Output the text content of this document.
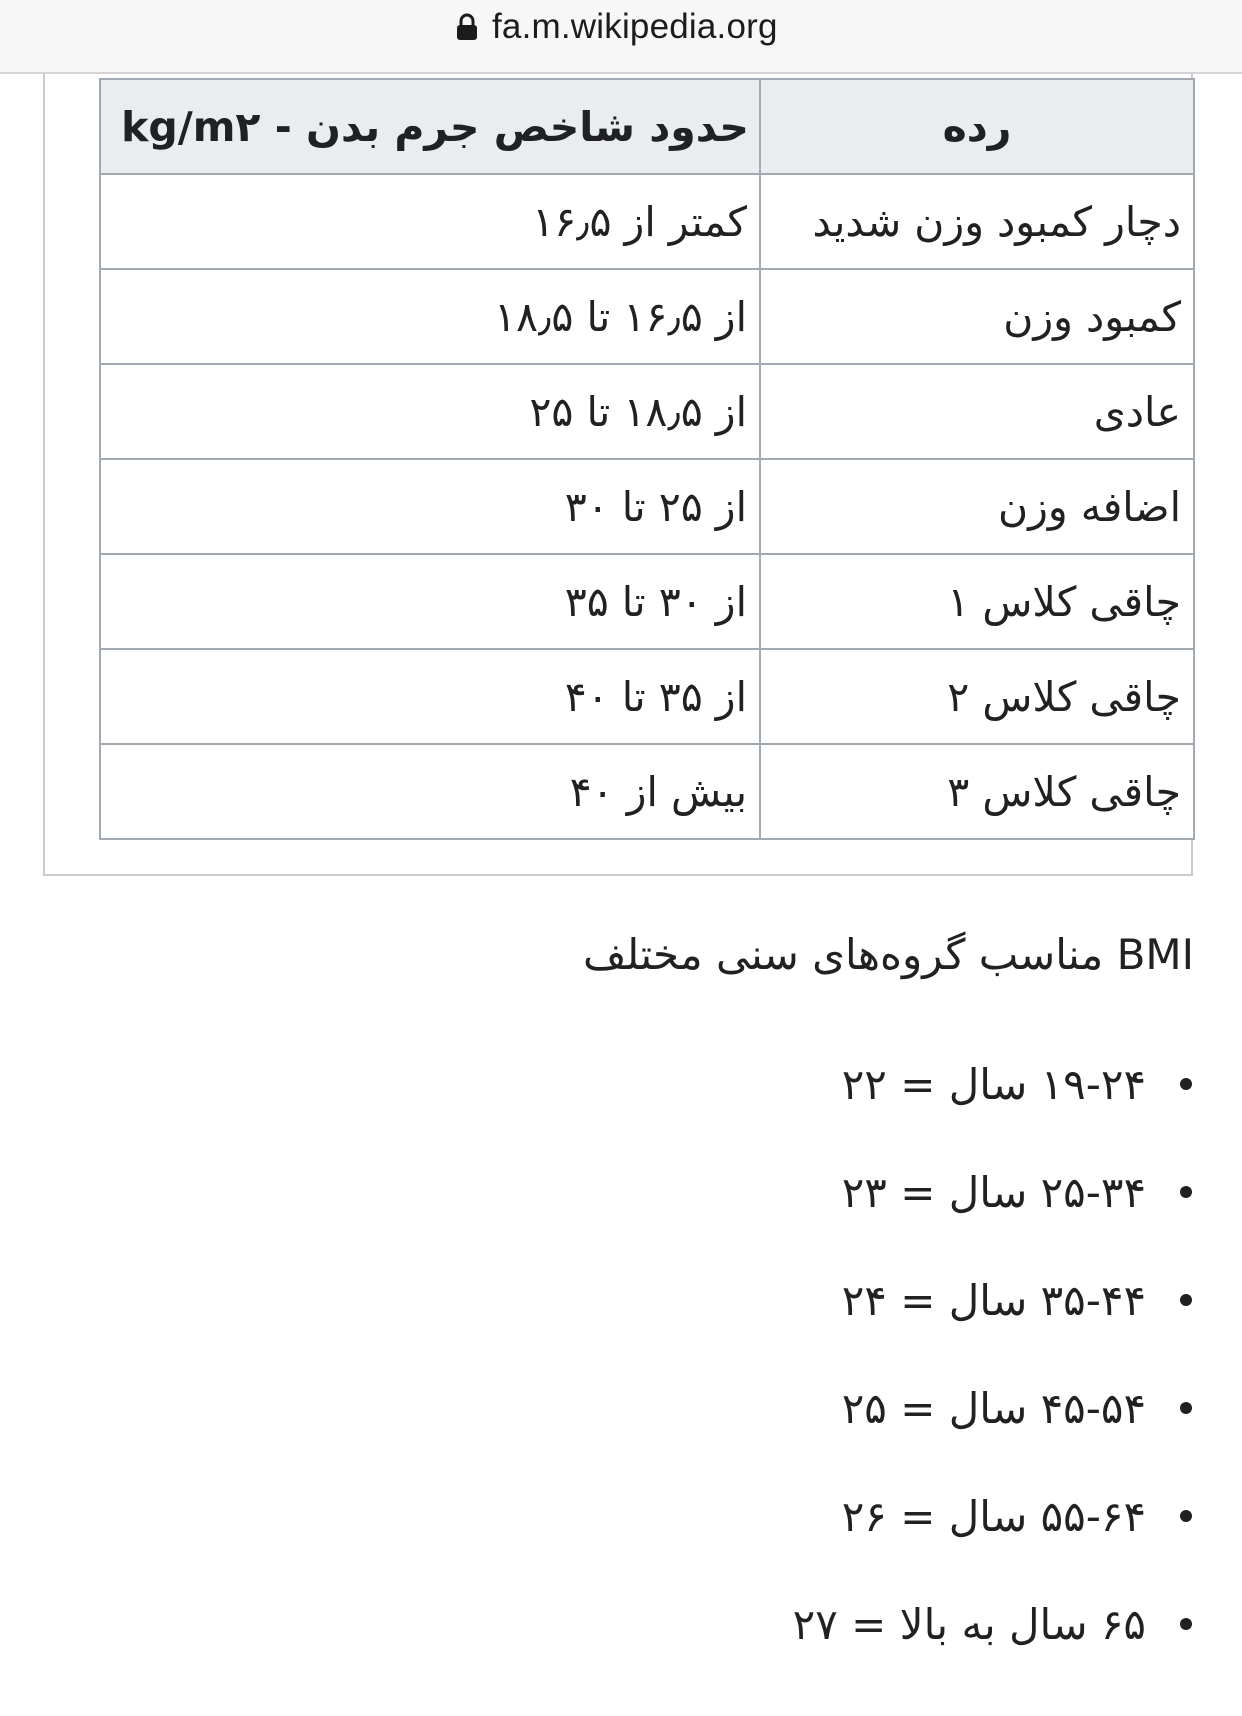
fa.m.wikipedia.org
رده	حدود شاخص جرم بدن - kg/m۲
دچار کمبود وزن شدید	کمتر از ۱۶٫۵
کمبود وزن	از ۱۶٫۵ تا ۱۸٫۵
عادی	از ۱۸٫۵ تا ۲۵
اضافه وزن	از ۲۵ تا ۳۰
چاقی کلاس ۱	از ۳۰ تا ۳۵
چاقی کلاس ۲	از ۳۵ تا ۴۰
چاقی کلاس ۳	بیش از ۴۰

BMI مناسب گروه‌های سنی مختلف

۱۹-۲۴ سال = ۲۲
۲۵-۳۴ سال = ۲۳
۳۵-۴۴ سال = ۲۴
۴۵-۵۴ سال = ۲۵
۵۵-۶۴ سال = ۲۶
۶۵ سال به بالا = ۲۷
